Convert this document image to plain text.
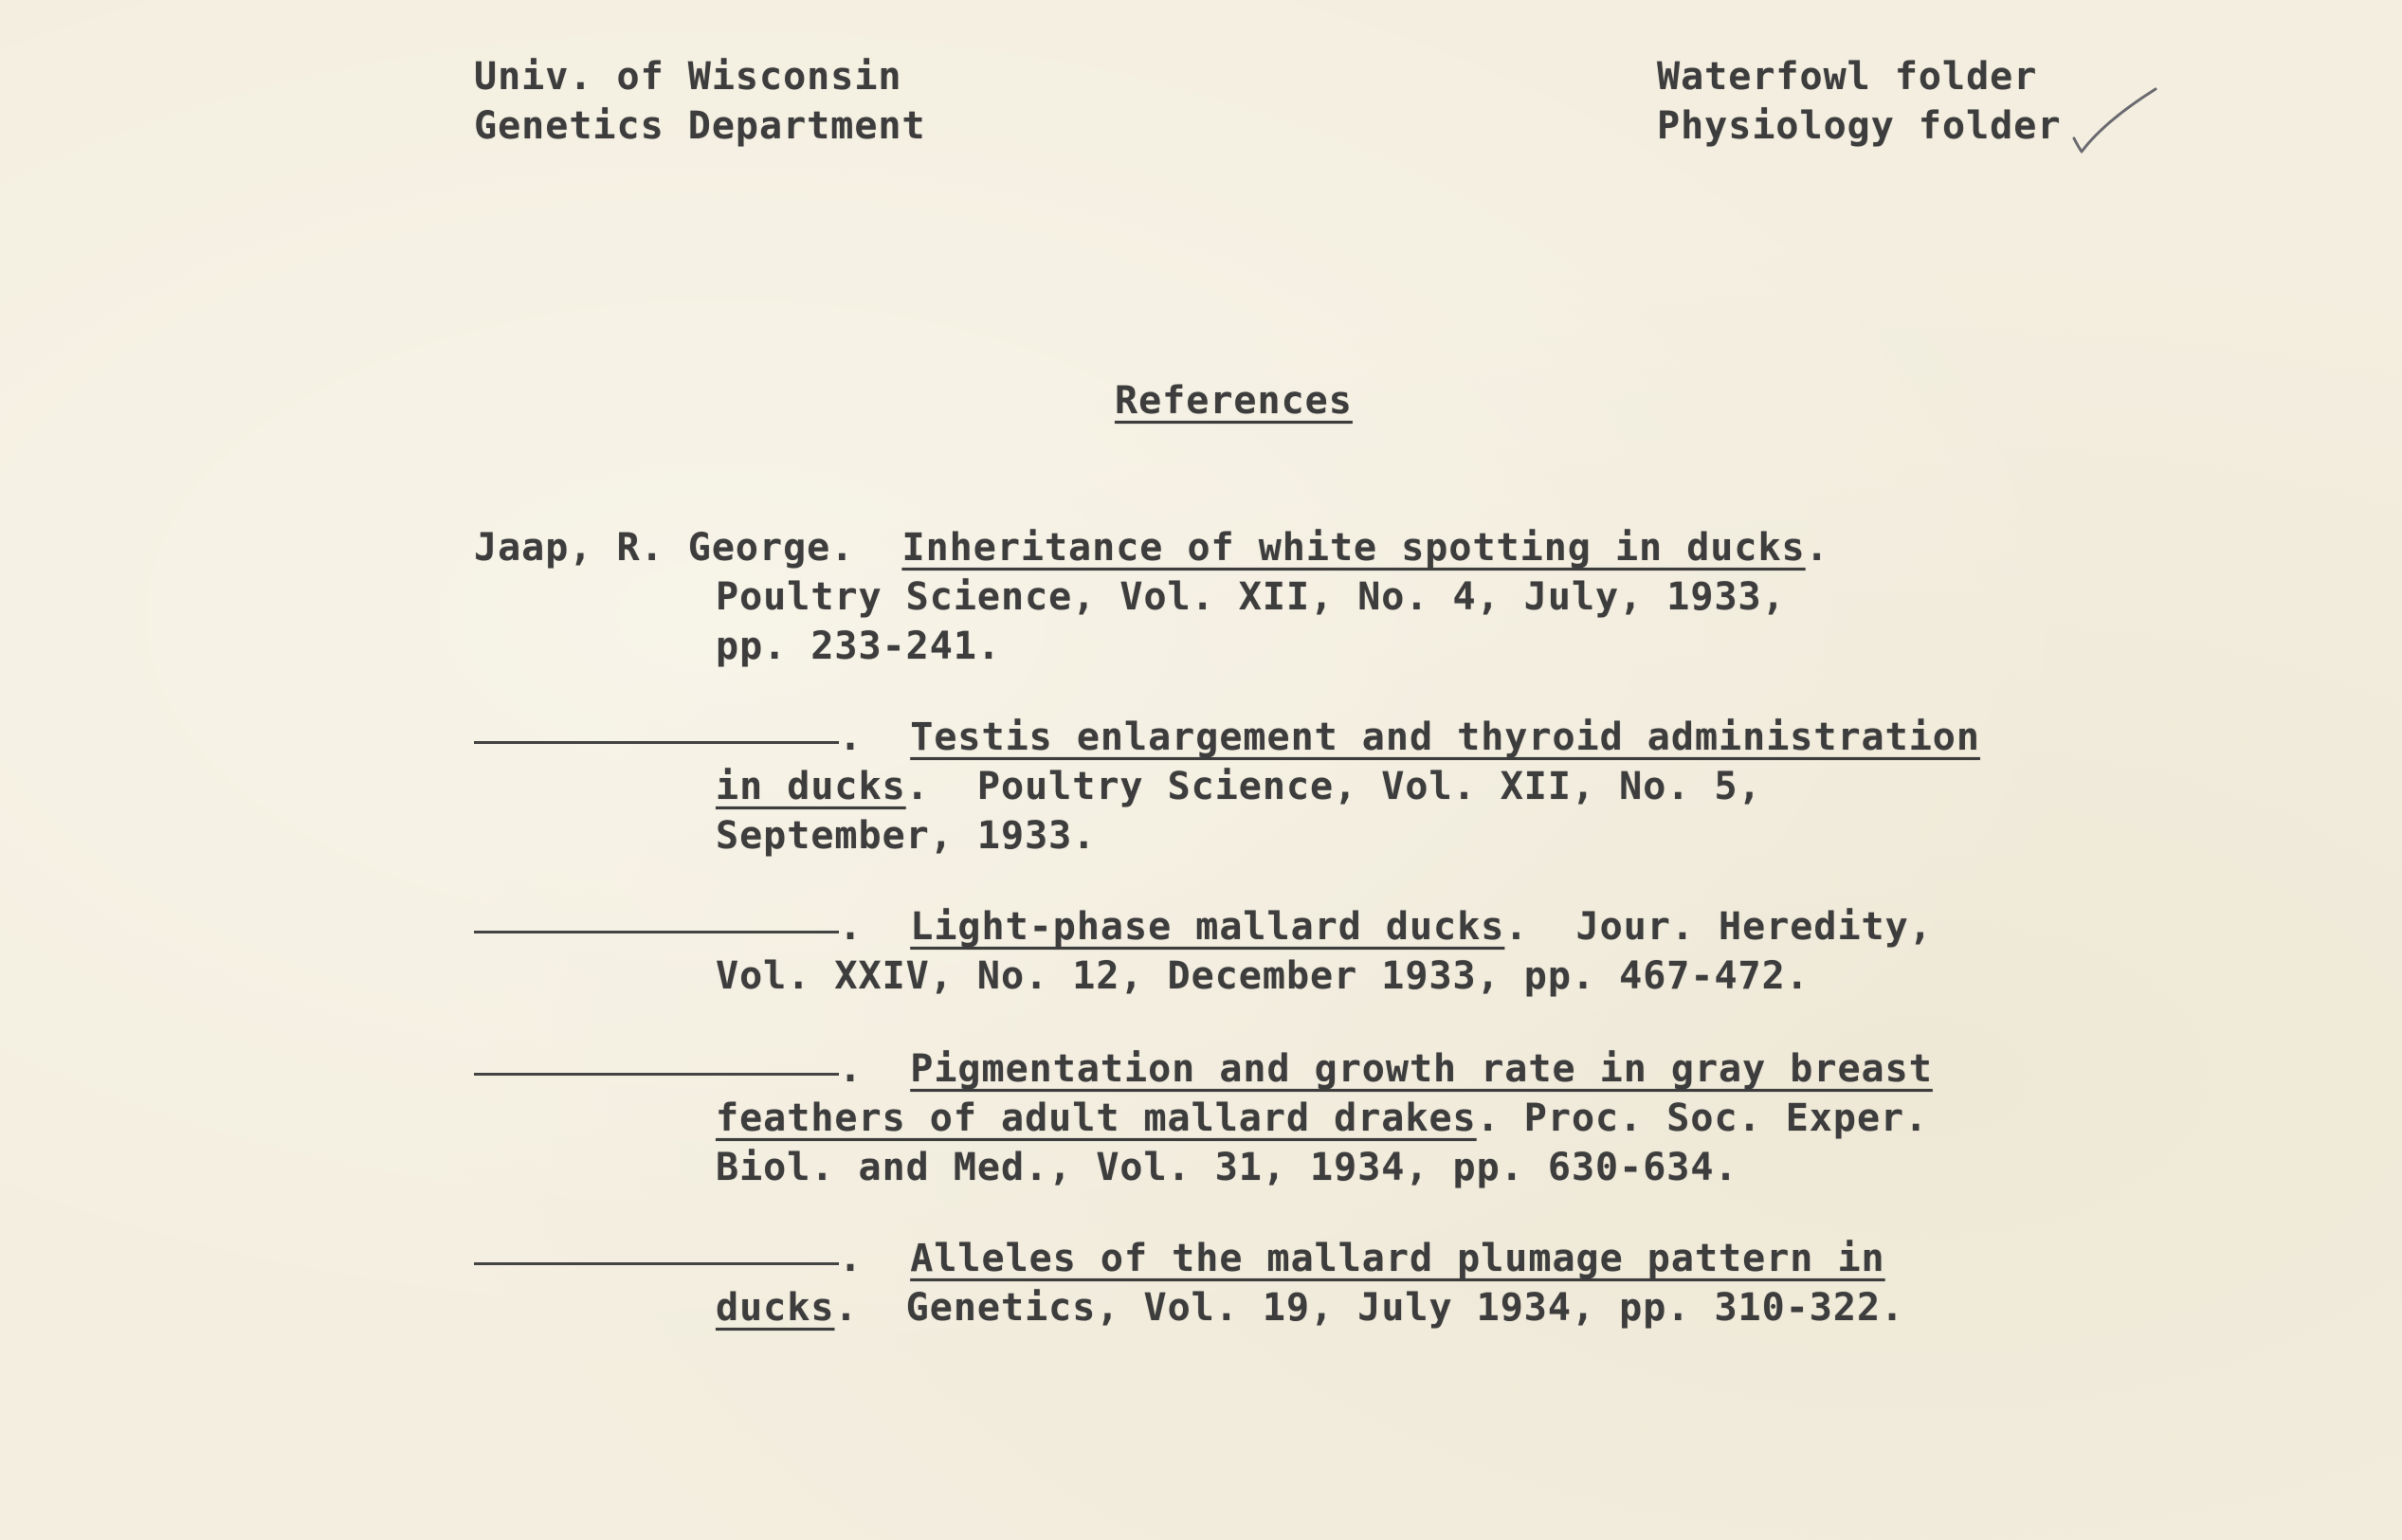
Univ. of Wisconsin
Genetics Department
Waterfowl folder
Physiology folder
References
Jaap, R. George. Inheritance of white spotting in ducks.
Poultry Science, Vol. XII, No. 4, July, 1933,
pp. 233-241.
.  Testis enlargement and thyroid administration
in ducks.  Poultry Science, Vol. XII, No. 5,
September, 1933.
.  Light-phase mallard ducks.  Jour. Heredity,
Vol. XXIV, No. 12, December 1933, pp. 467-472.
.  Pigmentation and growth rate in gray breast
feathers of adult mallard drakes. Proc. Soc. Exper.
Biol. and Med., Vol. 31, 1934, pp. 630-634.
.  Alleles of the mallard plumage pattern in
ducks.  Genetics, Vol. 19, July 1934, pp. 310-322.
